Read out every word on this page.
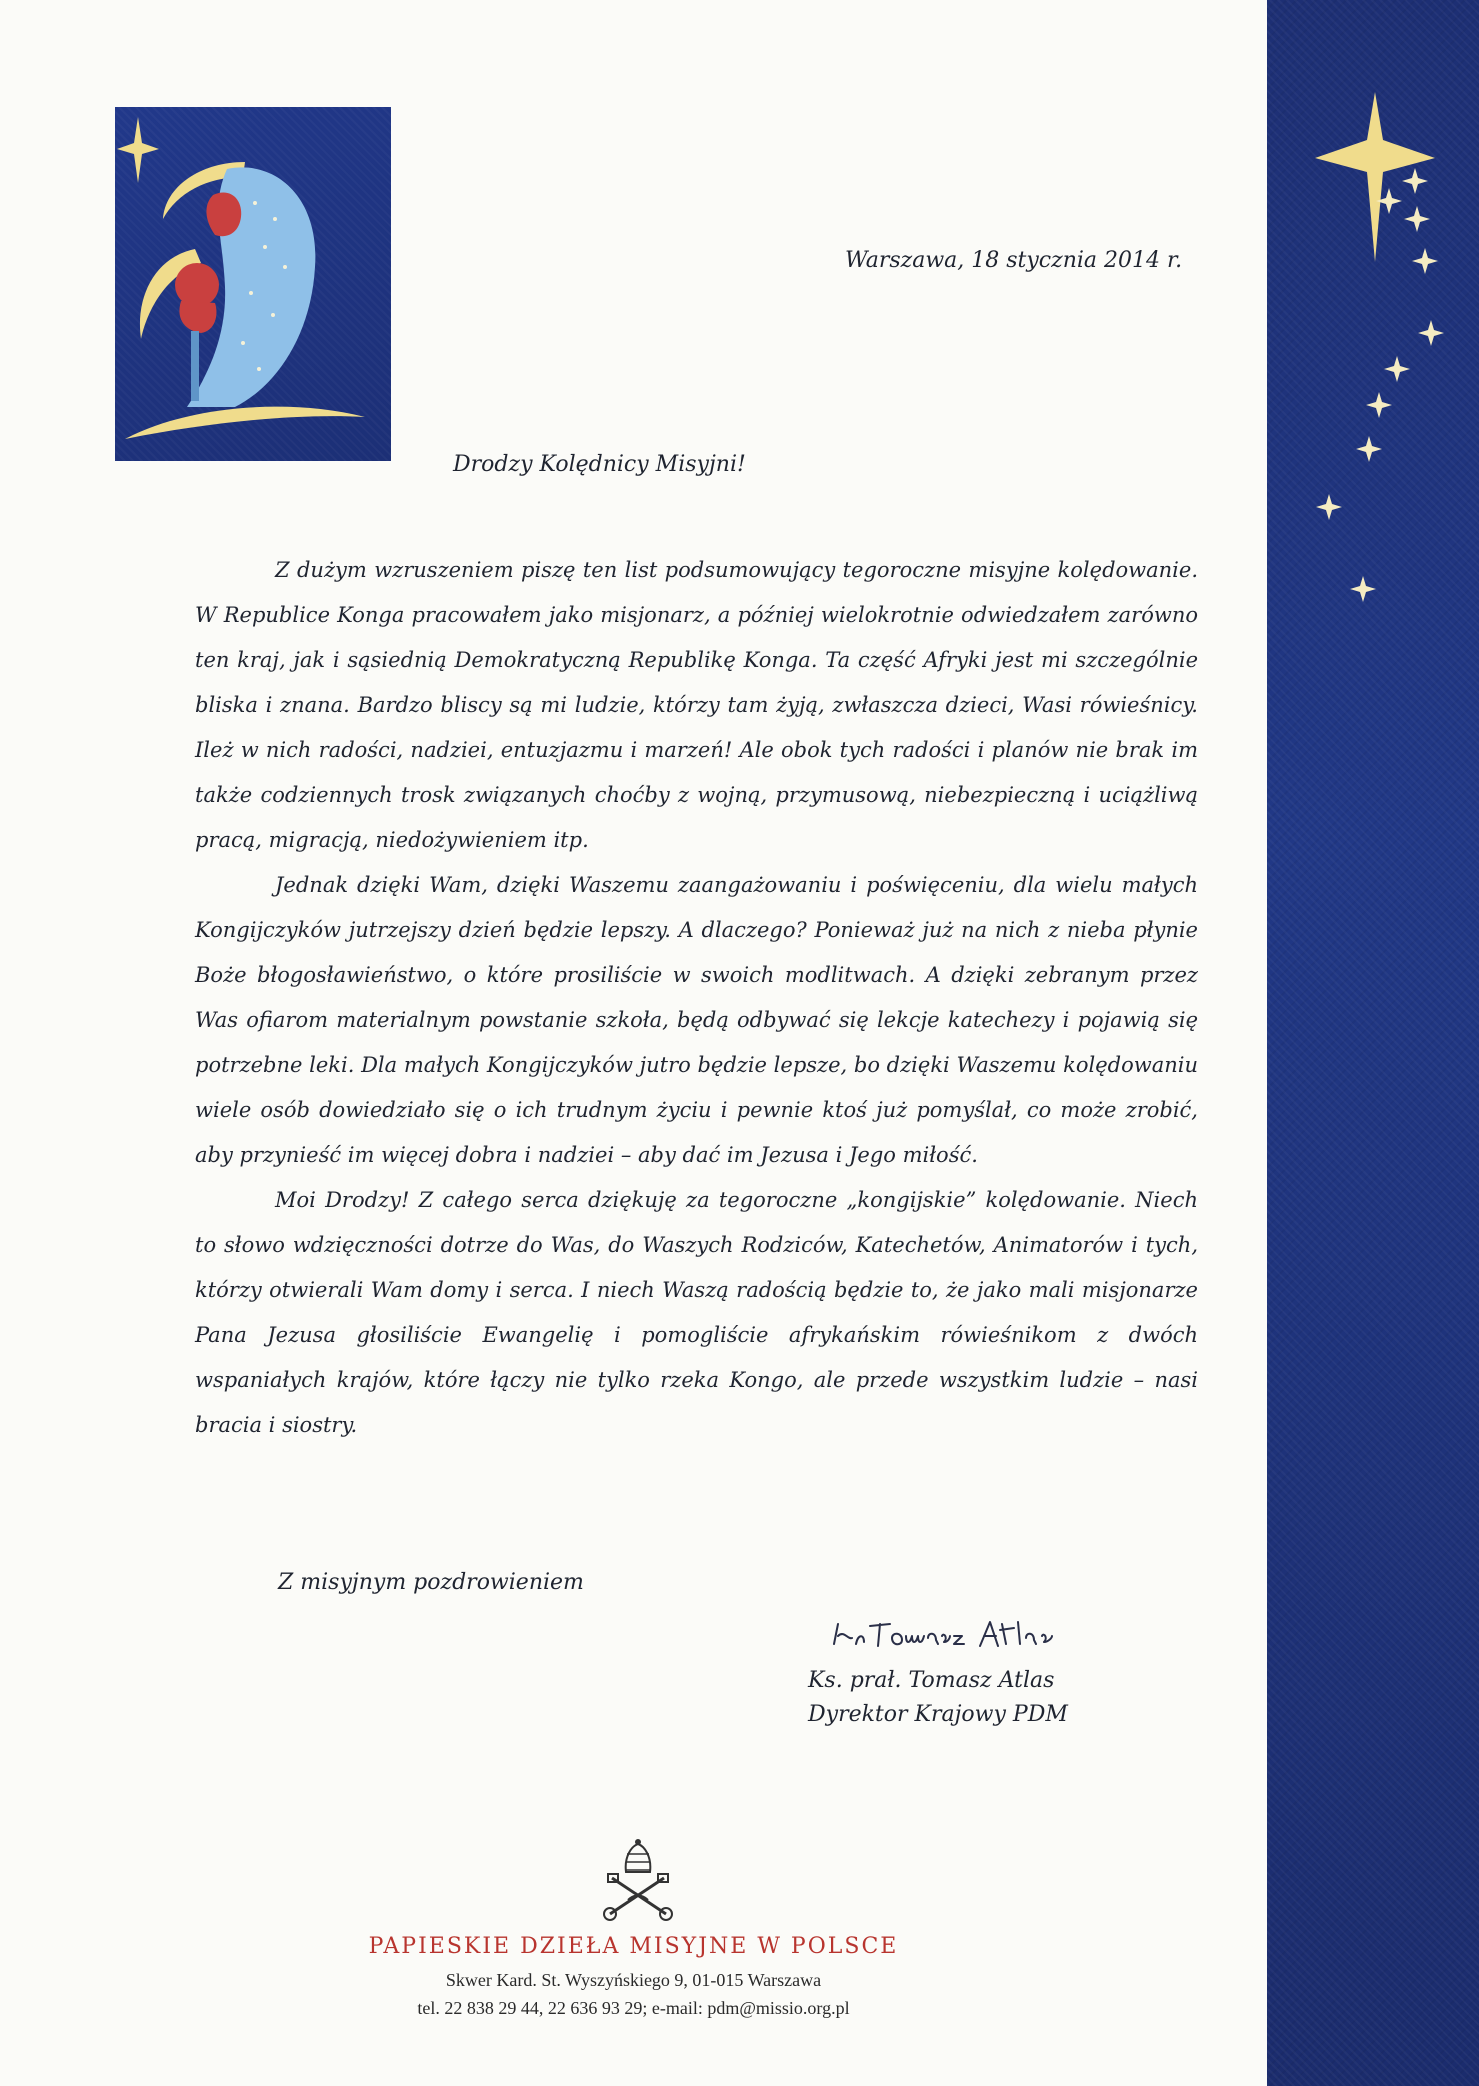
Warszawa, 18 stycznia 2014 r.

Drodzy Kolędnicy Misyjni!

Z dużym wzruszeniem piszę ten list podsumowujący tegoroczne misyjne kolędowanie. W Republice Konga pracowałem jako misjonarz, a później wielokrotnie odwiedzałem zarówno ten kraj, jak i sąsiednią Demokratyczną Republikę Konga. Ta część Afryki jest mi szczególnie bliska i znana. Bardzo bliscy są mi ludzie, którzy tam żyją, zwłaszcza dzieci, Wasi rówieśnicy. Ileż w nich radości, nadziei, entuzjazmu i marzeń! Ale obok tych radości i planów nie brak im także codziennych trosk związanych choćby z wojną, przymusową, niebezpieczną i uciążliwą pracą, migracją, niedożywieniem itp.

Jednak dzięki Wam, dzięki Waszemu zaangażowaniu i poświęceniu, dla wielu małych Kongijczyków jutrzejszy dzień będzie lepszy. A dlaczego? Ponieważ już na nich z nieba płynie Boże błogosławieństwo, o które prosiliście w swoich modlitwach. A dzięki zebranym przez Was ofiarom materialnym powstanie szkoła, będą odbywać się lekcje katechezy i pojawią się potrzebne leki. Dla małych Kongijczyków jutro będzie lepsze, bo dzięki Waszemu kolędowaniu wiele osób dowiedziało się o ich trudnym życiu i pewnie ktoś już pomyślał, co może zrobić, aby przynieść im więcej dobra i nadziei – aby dać im Jezusa i Jego miłość.

Moi Drodzy! Z całego serca dziękuję za tegoroczne „kongijskie” kolędowanie. Niech to słowo wdzięczności dotrze do Was, do Waszych Rodziców, Katechetów, Animatorów i tych, którzy otwierali Wam domy i serca. I niech Waszą radością będzie to, że jako mali misjonarze Pana Jezusa głosiliście Ewangelię i pomogliście afrykańskim rówieśnikom z dwóch wspaniałych krajów, które łączy nie tylko rzeka Kongo, ale przede wszystkim ludzie – nasi bracia i siostry.

Z misyjnym pozdrowieniem

Ks. prał. Tomasz Atlas

Dyrektor Krajowy PDM

PAPIESKIE DZIEŁA MISYJNE W POLSCE

Skwer Kard. St. Wyszyńskiego 9, 01-015 Warszawa

tel. 22 838 29 44, 22 636 93 29; e-mail: pdm@missio.org.pl
